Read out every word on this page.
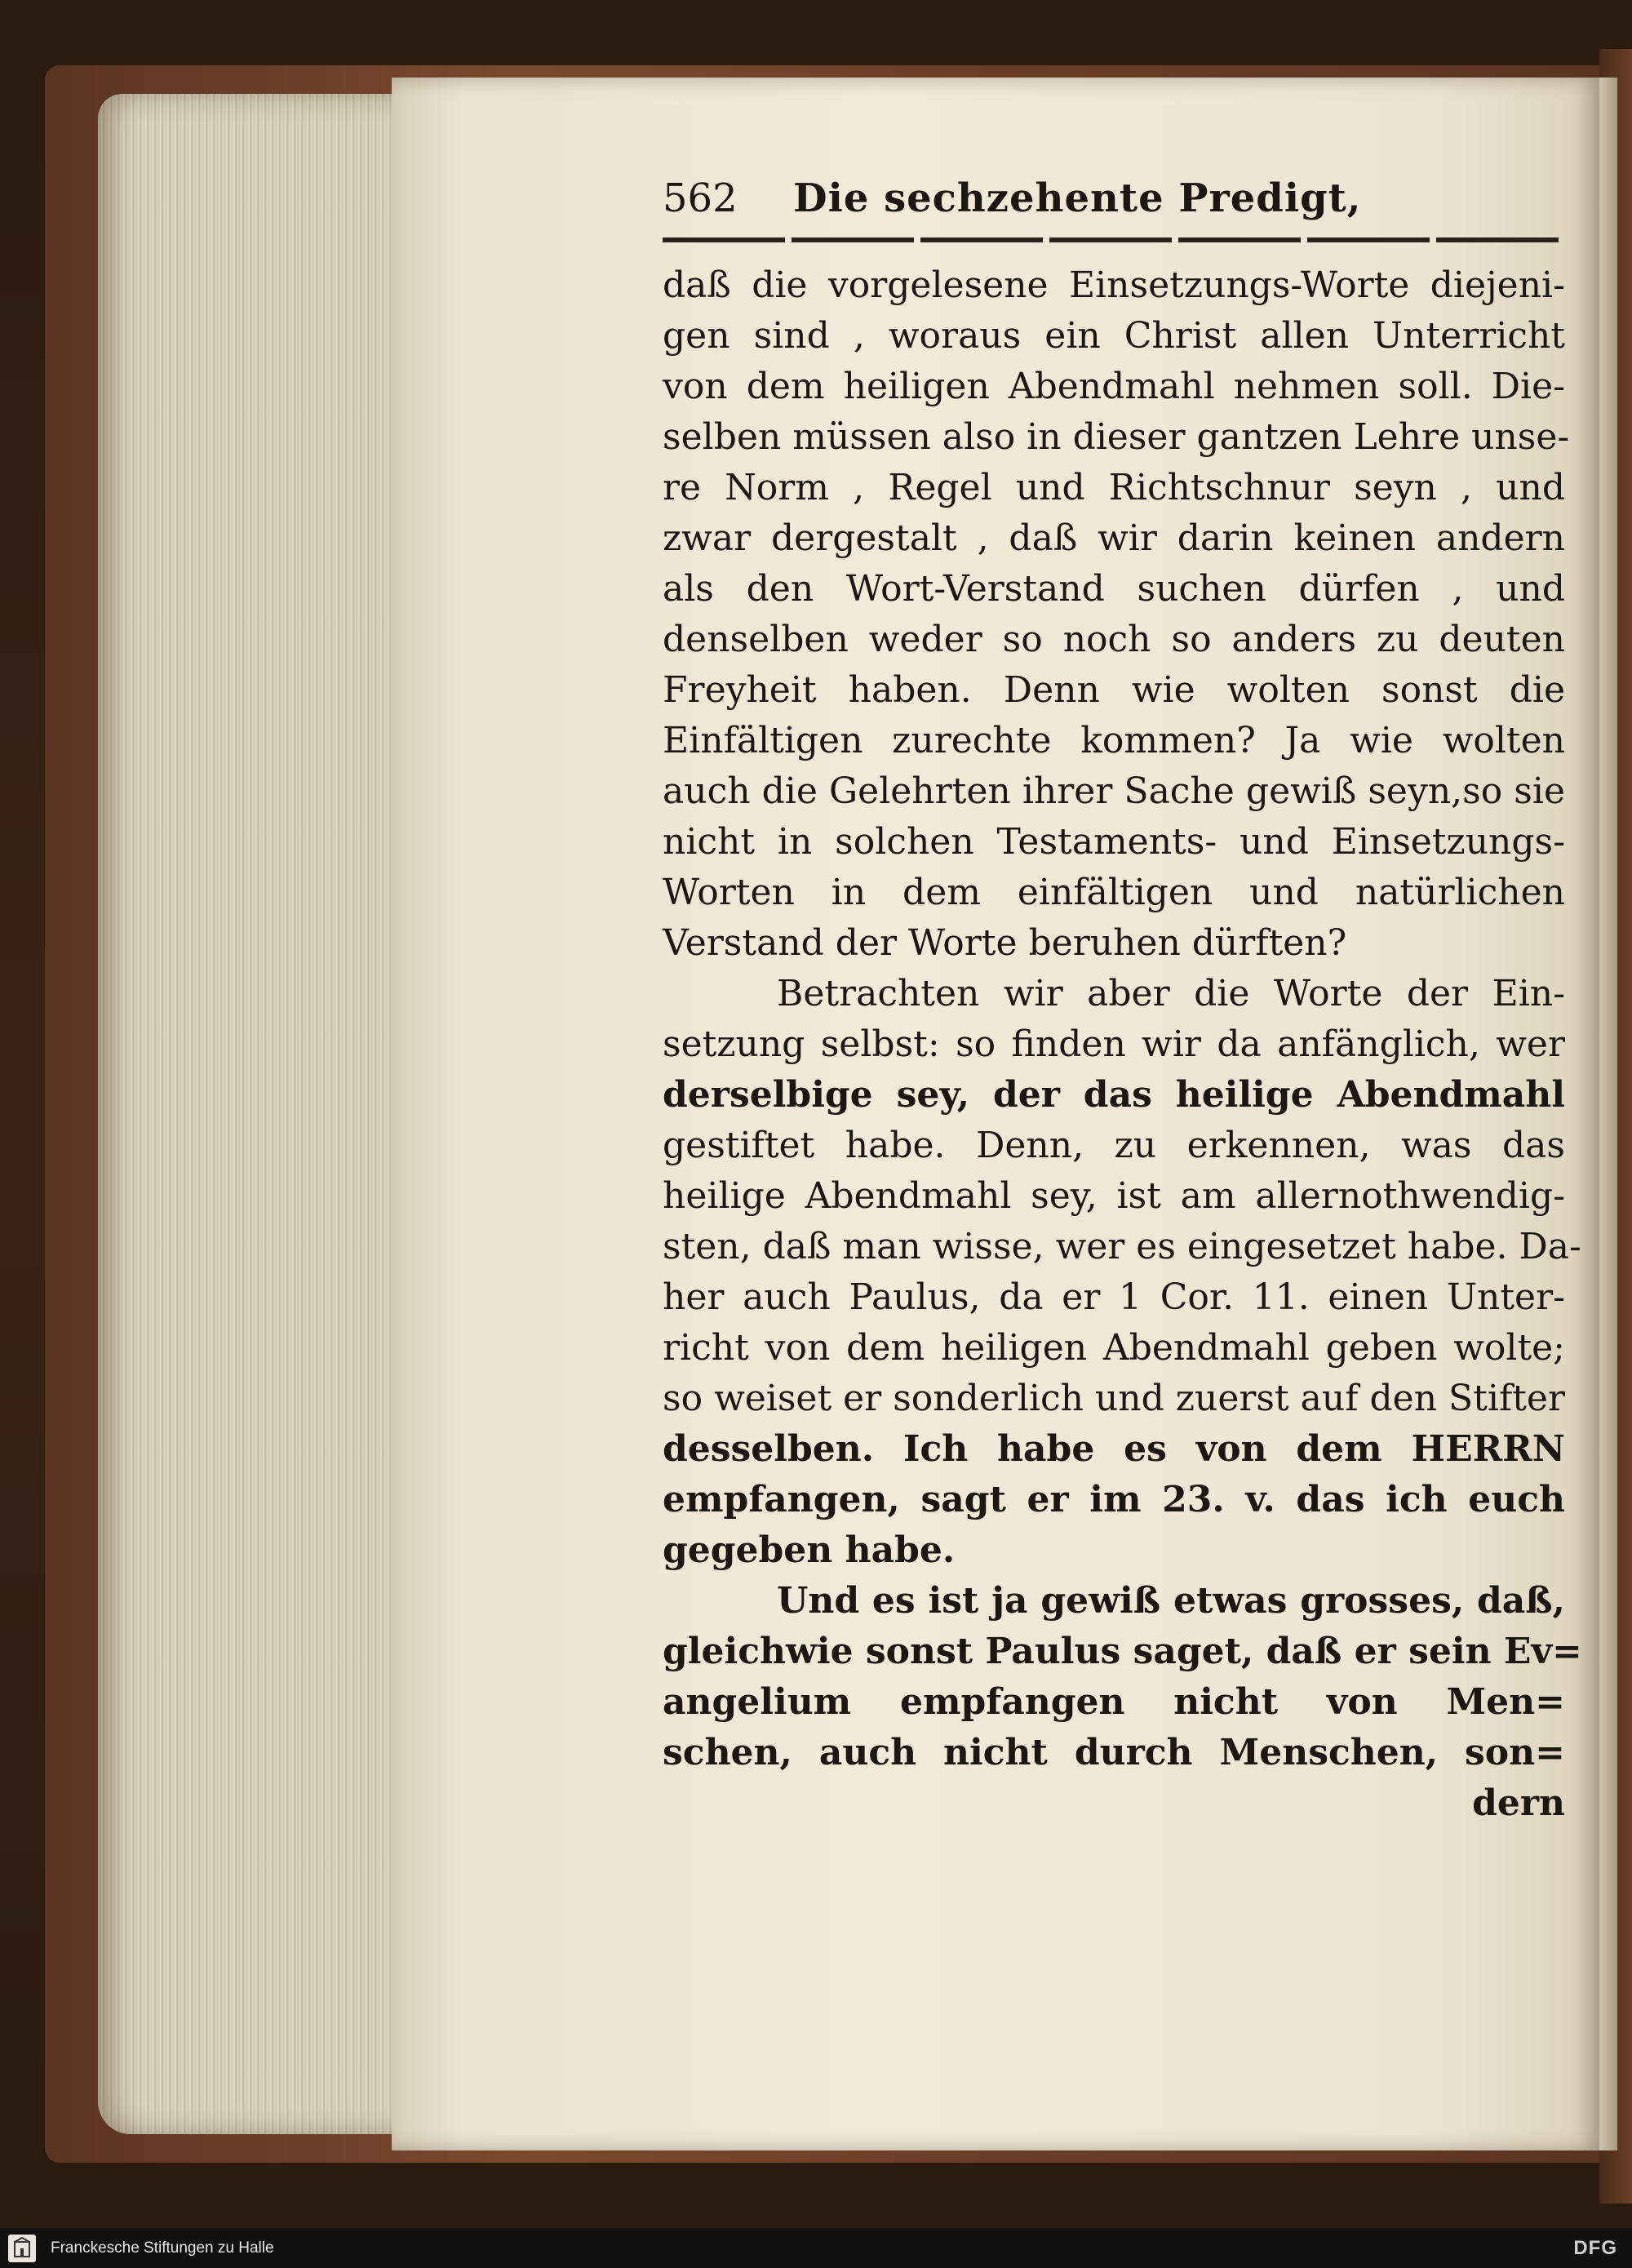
562	Die sechzehente Predigt,
daß die vorgelesene Einsetzungs-Worte diejeni-
gen sind , woraus ein Christ allen Unterricht
von dem heiligen Abendmahl nehmen soll. Die-
selben müssen also in dieser gantzen Lehre unse-
re Norm , Regel und Richtschnur seyn , und
zwar dergestalt , daß wir darin keinen andern
als den Wort-Verstand suchen dürfen , und
denselben weder so noch so anders zu deuten
Freyheit haben. Denn wie wolten sonst die
Einfältigen zurechte kommen? Ja wie wolten
auch die Gelehrten ihrer Sache gewiß seyn,so sie
nicht in solchen Testaments- und Einsetzungs-
Worten in dem einfältigen und natürlichen
Verstand der Worte beruhen dürften?
Betrachten wir aber die Worte der Ein-
setzung selbst: so finden wir da anfänglich, wer
derselbige sey, der das heilige Abendmahl
gestiftet habe. Denn, zu erkennen, was das
heilige Abendmahl sey, ist am allernothwendig-
sten, daß man wisse, wer es eingesetzet habe. Da-
her auch Paulus, da er 1 Cor. 11. einen Unter-
richt von dem heiligen Abendmahl geben wolte;
so weiset er sonderlich und zuerst auf den Stifter
desselben. Ich habe es von dem HERRN
empfangen, sagt er im 23. v. das ich euch
gegeben habe.
Und es ist ja gewiß etwas grosses, daß,
gleichwie sonst Paulus saget, daß er sein Ev=
angelium empfangen nicht von Men=
schen, auch nicht durch Menschen, son=
dern
Franckesche Stiftungen zu Halle	DFG
